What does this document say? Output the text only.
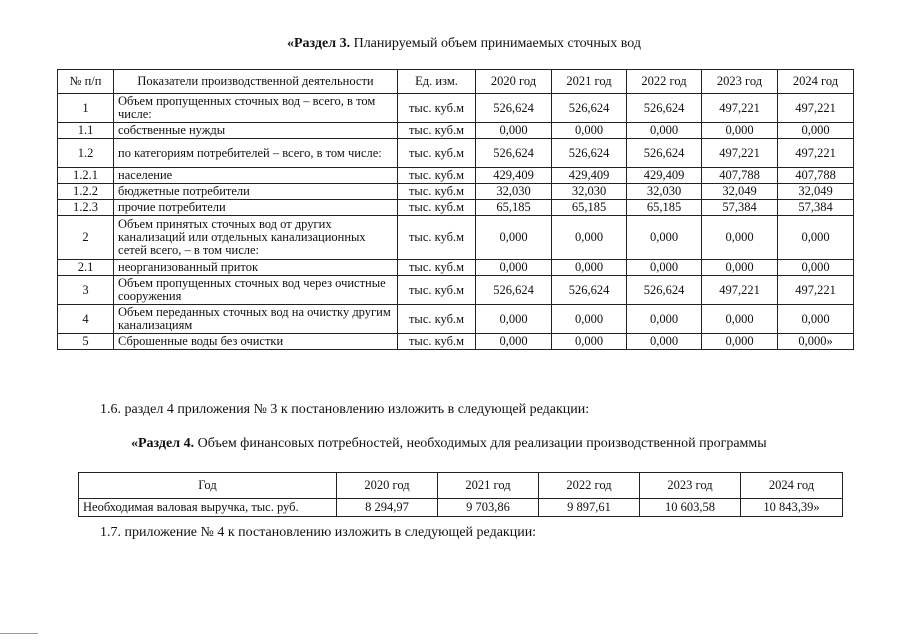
«Раздел 3. Планируемый объем принимаемых сточных вод
№ п/п	Показатели производственной деятельности	Ед. изм.	2020 год	2021 год	2022 год	2023 год	2024 год
1	Объем пропущенных сточных вод – всего, в том числе:	тыс. куб.м	526,624	526,624	526,624	497,221	497,221
1.1	собственные нужды	тыс. куб.м	0,000	0,000	0,000	0,000	0,000
1.2	по категориям потребителей – всего, в том числе:	тыс. куб.м	526,624	526,624	526,624	497,221	497,221
1.2.1	население	тыс. куб.м	429,409	429,409	429,409	407,788	407,788
1.2.2	бюджетные потребители	тыс. куб.м	32,030	32,030	32,030	32,049	32,049
1.2.3	прочие потребители	тыс. куб.м	65,185	65,185	65,185	57,384	57,384
2	Объем принятых сточных вод от других канализаций или отдельных канализационных сетей всего, – в том числе:	тыс. куб.м	0,000	0,000	0,000	0,000	0,000
2.1	неорганизованный приток	тыс. куб.м	0,000	0,000	0,000	0,000	0,000
3	Объем пропущенных сточных вод через очистные сооружения	тыс. куб.м	526,624	526,624	526,624	497,221	497,221
4	Объем переданных сточных вод на очистку другим канализациям	тыс. куб.м	0,000	0,000	0,000	0,000	0,000
5	Сброшенные воды без очистки	тыс. куб.м	0,000	0,000	0,000	0,000	0,000»
1.6. раздел 4 приложения № 3 к постановлению изложить в следующей редакции:
«Раздел 4. Объем финансовых потребностей, необходимых для реализации производственной программы
Год	2020 год	2021 год	2022 год	2023 год	2024 год
Необходимая валовая выручка, тыс. руб.	8 294,97	9 703,86	9 897,61	10 603,58	10 843,39»
1.7. приложение № 4 к постановлению изложить в следующей редакции:
